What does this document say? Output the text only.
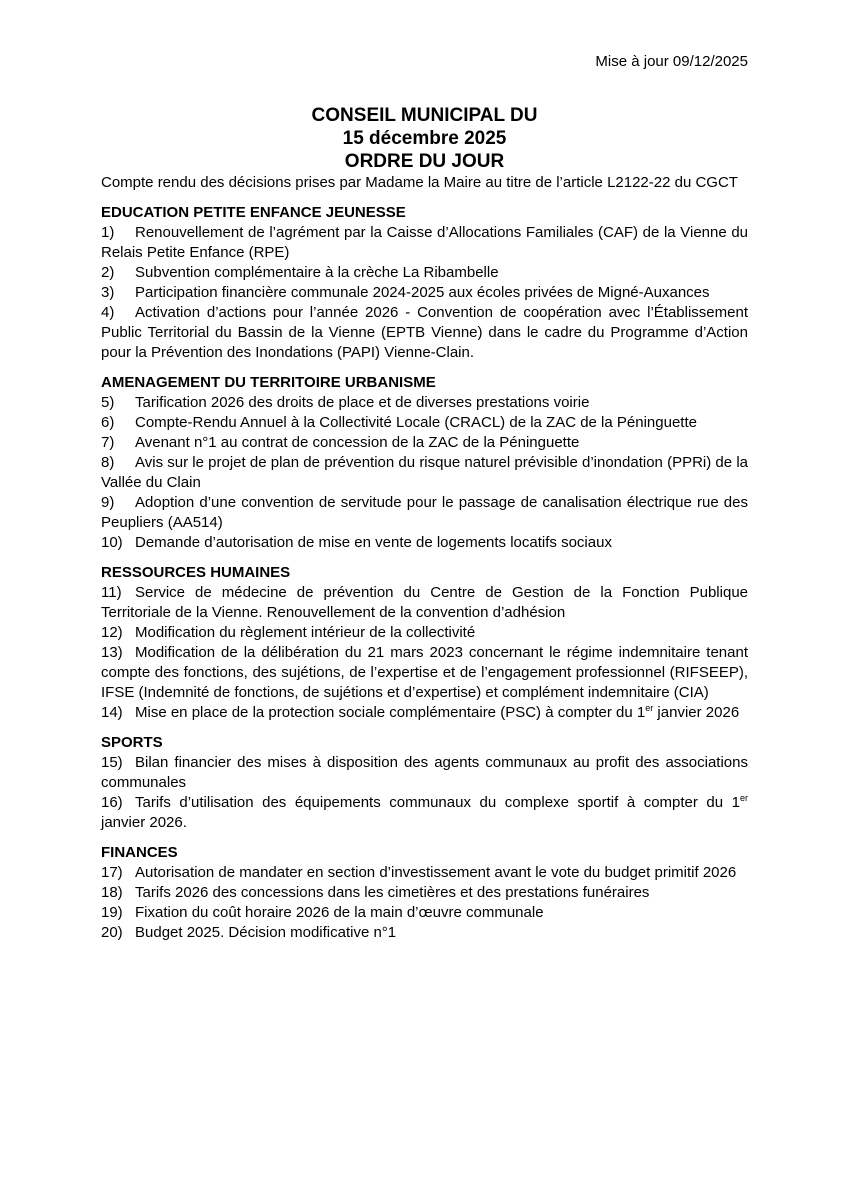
Mise à jour 09/12/2025
CONSEIL MUNICIPAL DU
15 décembre 2025
ORDRE DU JOUR

Compte rendu des décisions prises par Madame la Maire au titre de l’article L2122-22 du CGCT

EDUCATION PETITE ENFANCE JEUNESSE

1) Renouvellement de l’agrément par la Caisse d’Allocations Familiales (CAF) de la Vienne du Relais Petite Enfance (RPE)

2) Subvention complémentaire à la crèche La Ribambelle

3) Participation financière communale 2024-2025 aux écoles privées de Migné-Auxances

4) Activation d’actions pour l’année 2026 - Convention de coopération avec l’Établissement Public Territorial du Bassin de la Vienne (EPTB Vienne) dans le cadre du Programme d’Action pour la Prévention des Inondations (PAPI) Vienne-Clain.

AMENAGEMENT DU TERRITOIRE URBANISME

5) Tarification 2026 des droits de place et de diverses prestations voirie

6) Compte-Rendu Annuel à la Collectivité Locale (CRACL) de la ZAC de la Péninguette

7) Avenant n°1 au contrat de concession de la ZAC de la Péninguette

8) Avis sur le projet de plan de prévention du risque naturel prévisible d’inondation (PPRi) de la Vallée du Clain

9) Adoption d’une convention de servitude pour le passage de canalisation électrique rue des Peupliers (AA514)

10) Demande d’autorisation de mise en vente de logements locatifs sociaux

RESSOURCES HUMAINES

11) Service de médecine de prévention du Centre de Gestion de la Fonction Publique Territoriale de la Vienne. Renouvellement de la convention d’adhésion

12) Modification du règlement intérieur de la collectivité

13) Modification de la délibération du 21 mars 2023 concernant le régime indemnitaire tenant compte des fonctions, des sujétions, de l’expertise et de l’engagement professionnel (RIFSEEP), IFSE (Indemnité de fonctions, de sujétions et d’expertise) et complément indemnitaire (CIA)

14) Mise en place de la protection sociale complémentaire (PSC) à compter du 1er janvier 2026

SPORTS

15) Bilan financier des mises à disposition des agents communaux au profit des associations communales

16) Tarifs d’utilisation des équipements communaux du complexe sportif à compter du 1er janvier 2026.

FINANCES

17) Autorisation de mandater en section d’investissement avant le vote du budget primitif 2026

18) Tarifs 2026 des concessions dans les cimetières et des prestations funéraires

19) Fixation du coût horaire 2026 de la main d’œuvre communale

20) Budget 2025. Décision modificative n°1
